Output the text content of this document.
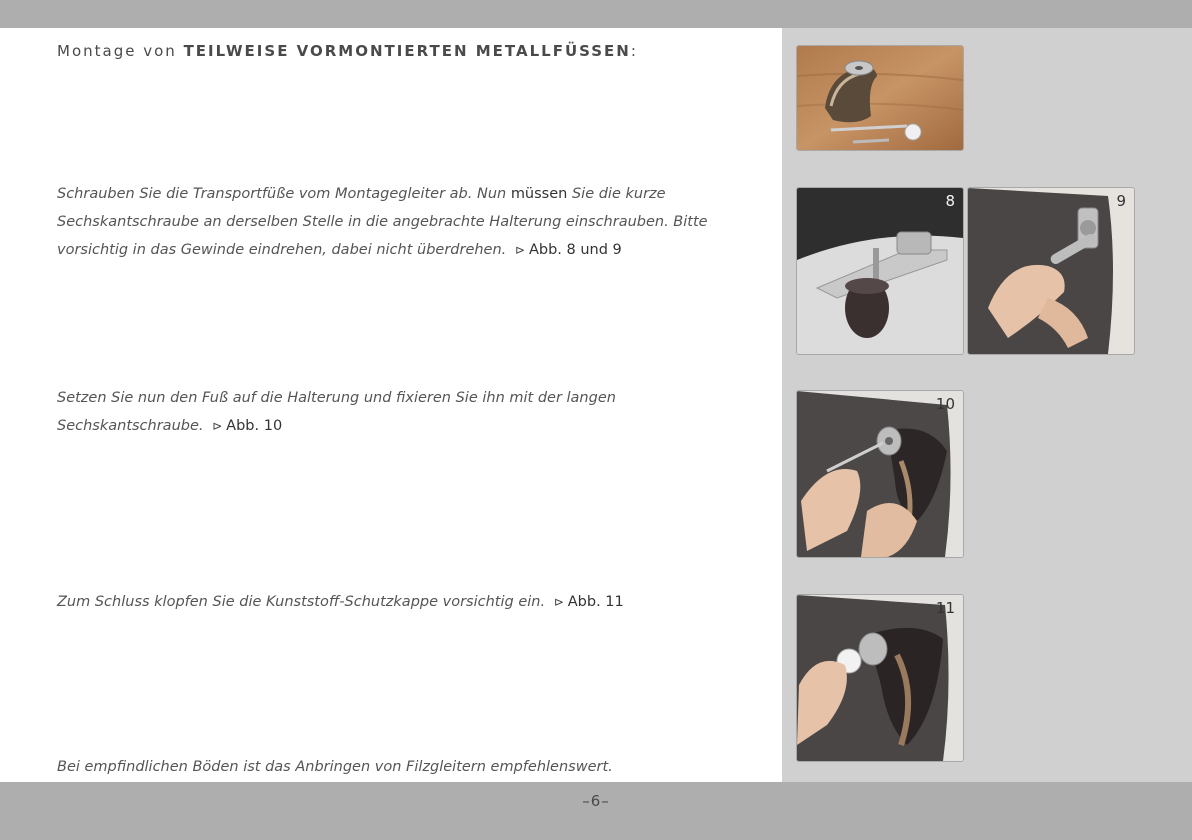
Montage von TEILWEISE VORMONTIERTEN METALLFÜSSEN:
Schrauben Sie die Transportfüße vom Montagegleiter ab. Nun müssen Sie die kurze Sechskantschraube an derselben Stelle in die angebrachte Halterung einschrauben. Bitte vorsichtig in das Gewinde eindrehen, dabei nicht überdrehen. ⊳ Abb. 8 und 9
Setzen Sie nun den Fuß auf die Halterung und fixieren Sie ihn mit der langen Sechskantschraube. ⊳ Abb. 10
Zum Schluss klopfen Sie die Kunststoff-Schutzkappe vorsichtig ein. ⊳ Abb. 11
Bei empfindlichen Böden ist das Anbringen von Filzgleitern empfehlenswert.
8	9
10
11
–6–
